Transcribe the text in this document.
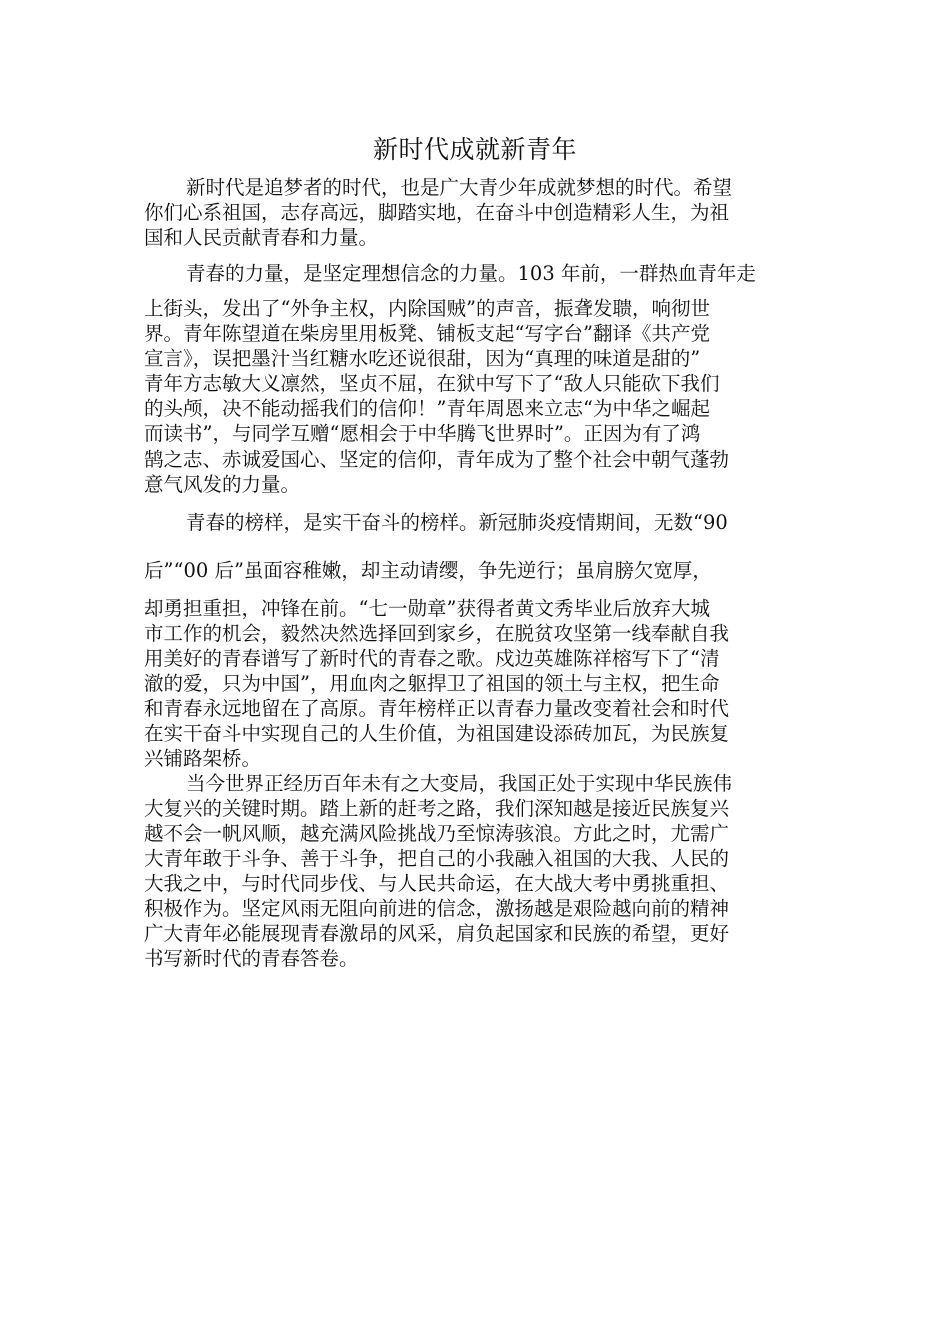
新时代成就新青年

新时代是追梦者的时代，也是广大青少年成就梦想的时代。希望

你们心系祖国，志存高远，脚踏实地，在奋斗中创造精彩人生，为祖

国和人民贡献青春和力量。

青春的力量，是坚定理想信念的力量。103 年前，一群热血青年走

上街头，发出了“外争主权，内除国贼”的声音，振聋发聩，响彻世

界。青年陈望道在柴房里用板凳、铺板支起“写字台”翻译《共产党

宣言》，误把墨汁当红糖水吃还说很甜，因为“真理的味道是甜的”

青年方志敏大义凛然，坚贞不屈，在狱中写下了“敌人只能砍下我们

的头颅，决不能动摇我们的信仰！”青年周恩来立志“为中华之崛起

而读书”，与同学互赠“愿相会于中华腾飞世界时”。正因为有了鸿

鹄之志、赤诚爱国心、坚定的信仰，青年成为了整个社会中朝气蓬勃

意气风发的力量。

青春的榜样，是实干奋斗的榜样。新冠肺炎疫情期间，无数“90

后”“00 后”虽面容稚嫩，却主动请缨，争先逆行；虽肩膀欠宽厚，

却勇担重担，冲锋在前。“七一勋章”获得者黄文秀毕业后放弃大城

市工作的机会，毅然决然选择回到家乡，在脱贫攻坚第一线奉献自我

用美好的青春谱写了新时代的青春之歌。戍边英雄陈祥榕写下了“清

澈的爱，只为中国”，用血肉之躯捍卫了祖国的领土与主权，把生命

和青春永远地留在了高原。青年榜样正以青春力量改变着社会和时代

在实干奋斗中实现自己的人生价值，为祖国建设添砖加瓦，为民族复

兴铺路架桥。

当今世界正经历百年未有之大变局，我国正处于实现中华民族伟

大复兴的关键时期。踏上新的赶考之路，我们深知越是接近民族复兴

越不会一帆风顺，越充满风险挑战乃至惊涛骇浪。方此之时，尤需广

大青年敢于斗争、善于斗争，把自己的小我融入祖国的大我、人民的

大我之中，与时代同步伐、与人民共命运，在大战大考中勇挑重担、

积极作为。坚定风雨无阻向前进的信念，激扬越是艰险越向前的精神

广大青年必能展现青春激昂的风采，肩负起国家和民族的希望，更好

书写新时代的青春答卷。
